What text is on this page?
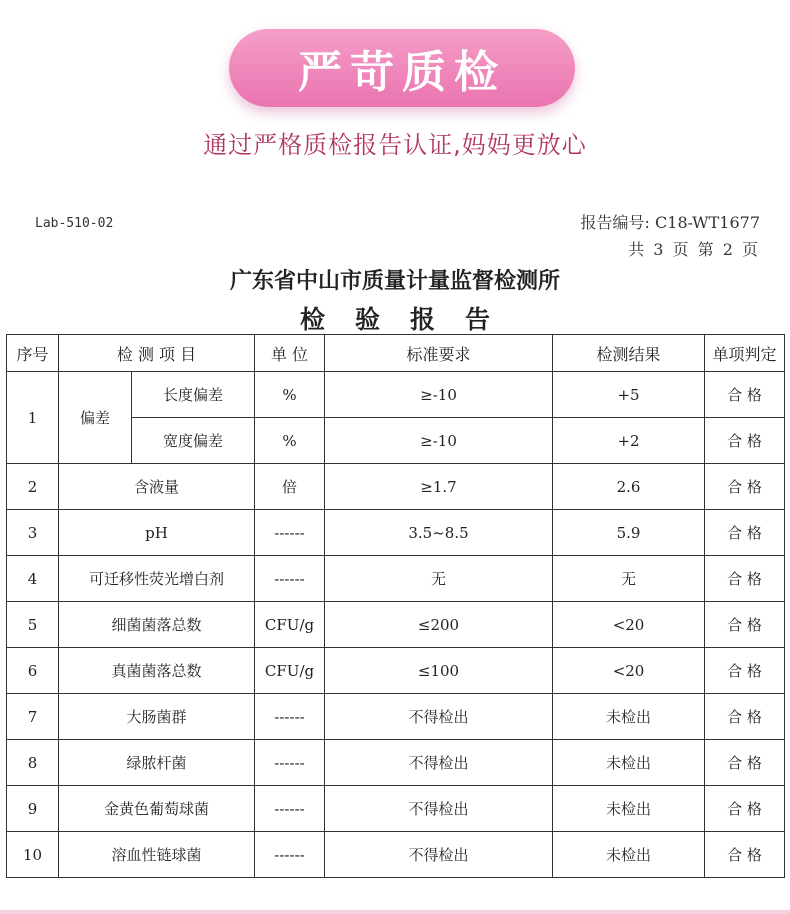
严苛质检
通过严格质检报告认证,妈妈更放心
Lab-510-02	报告编号: C18-WT1677
共 3 页 第 2 页
广东省中山市质量计量监督检测所
检验报告
序号	检 测 项 目		单 位	标准要求	检测结果	单项判定
1	偏差	长度偏差	%	≥-10	+5	合 格
		宽度偏差	%	≥-10	+2	合 格
2	含液量		倍	≥1.7	2.6	合 格
3	pH		------	3.5~8.5	5.9	合 格
4	可迁移性荧光增白剂		------	无	无	合 格
5	细菌菌落总数		CFU/g	≤200	<20	合 格
6	真菌菌落总数		CFU/g	≤100	<20	合 格
7	大肠菌群		------	不得检出	未检出	合 格
8	绿脓杆菌		------	不得检出	未检出	合 格
9	金黄色葡萄球菌		------	不得检出	未检出	合 格
10	溶血性链球菌		------	不得检出	未检出	合 格
